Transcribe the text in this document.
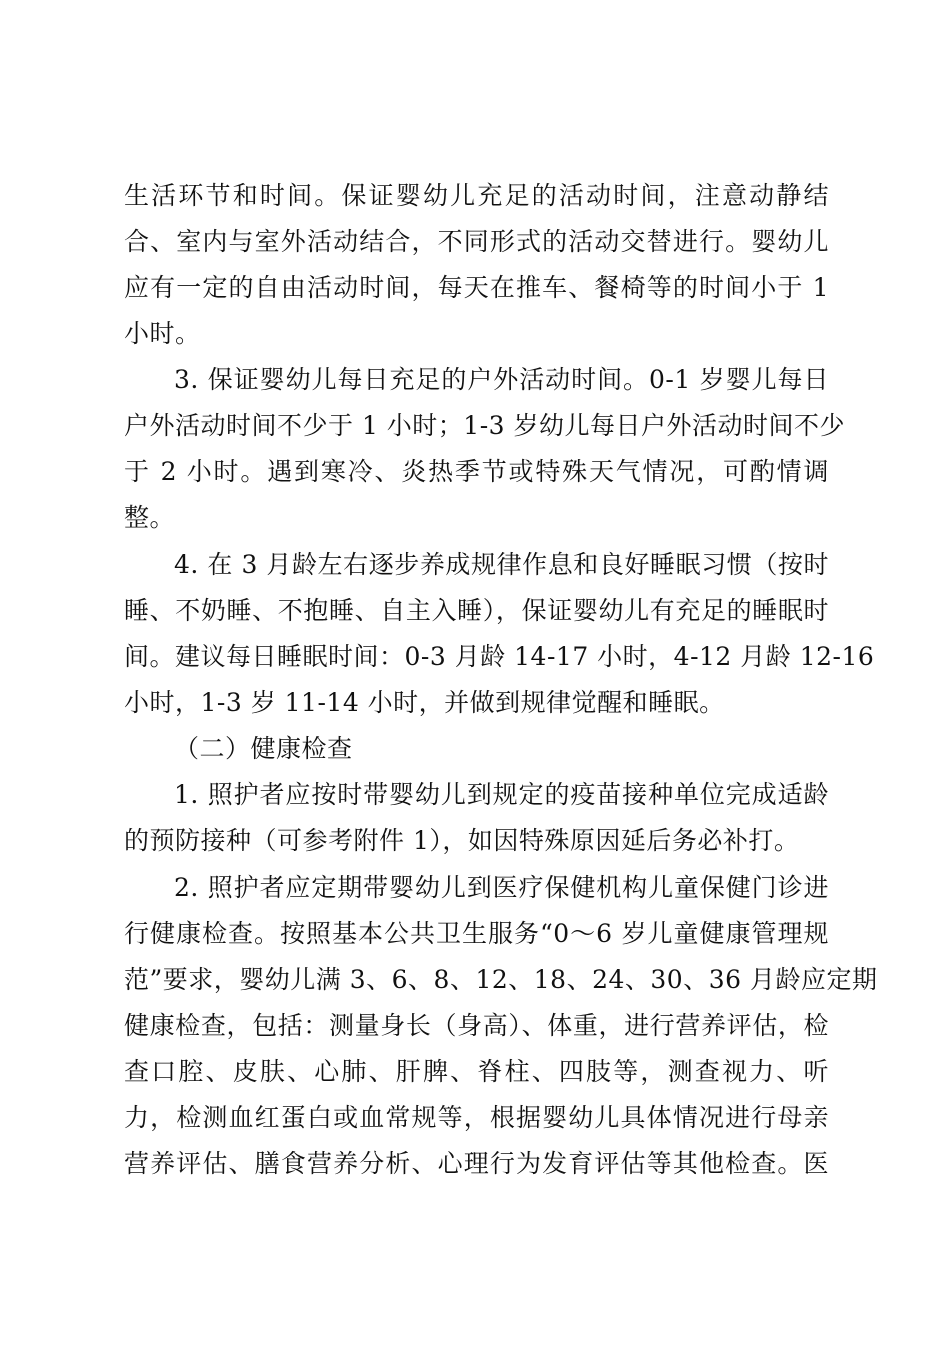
生活环节和时间。保证婴幼儿充足的活动时间，注意动静结
合、室内与室外活动结合，不同形式的活动交替进行。婴幼儿
应有一定的自由活动时间，每天在推车、餐椅等的时间小于 1
小时。
3. 保证婴幼儿每日充足的户外活动时间。0-1 岁婴儿每日
户外活动时间不少于 1 小时；1-3 岁幼儿每日户外活动时间不少
于 2 小时。遇到寒冷、炎热季节或特殊天气情况，可酌情调
整。
4. 在 3 月龄左右逐步养成规律作息和良好睡眠习惯（按时
睡、不奶睡、不抱睡、自主入睡），保证婴幼儿有充足的睡眠时
间。建议每日睡眠时间：0-3 月龄 14-17 小时，4-12 月龄 12-16
小时，1-3 岁 11-14 小时，并做到规律觉醒和睡眠。
（二）健康检查
1. 照护者应按时带婴幼儿到规定的疫苗接种单位完成适龄
的预防接种（可参考附件 1），如因特殊原因延后务必补打。
2. 照护者应定期带婴幼儿到医疗保健机构儿童保健门诊进
行健康检查。按照基本公共卫生服务“0～6 岁儿童健康管理规
范”要求，婴幼儿满 3、6、8、12、18、24、30、36 月龄应定期
健康检查，包括：测量身长（身高）、体重，进行营养评估，检
查口腔、皮肤、心肺、肝脾、脊柱、四肢等，测查视力、听
力，检测血红蛋白或血常规等，根据婴幼儿具体情况进行母亲
营养评估、膳食营养分析、心理行为发育评估等其他检查。医
